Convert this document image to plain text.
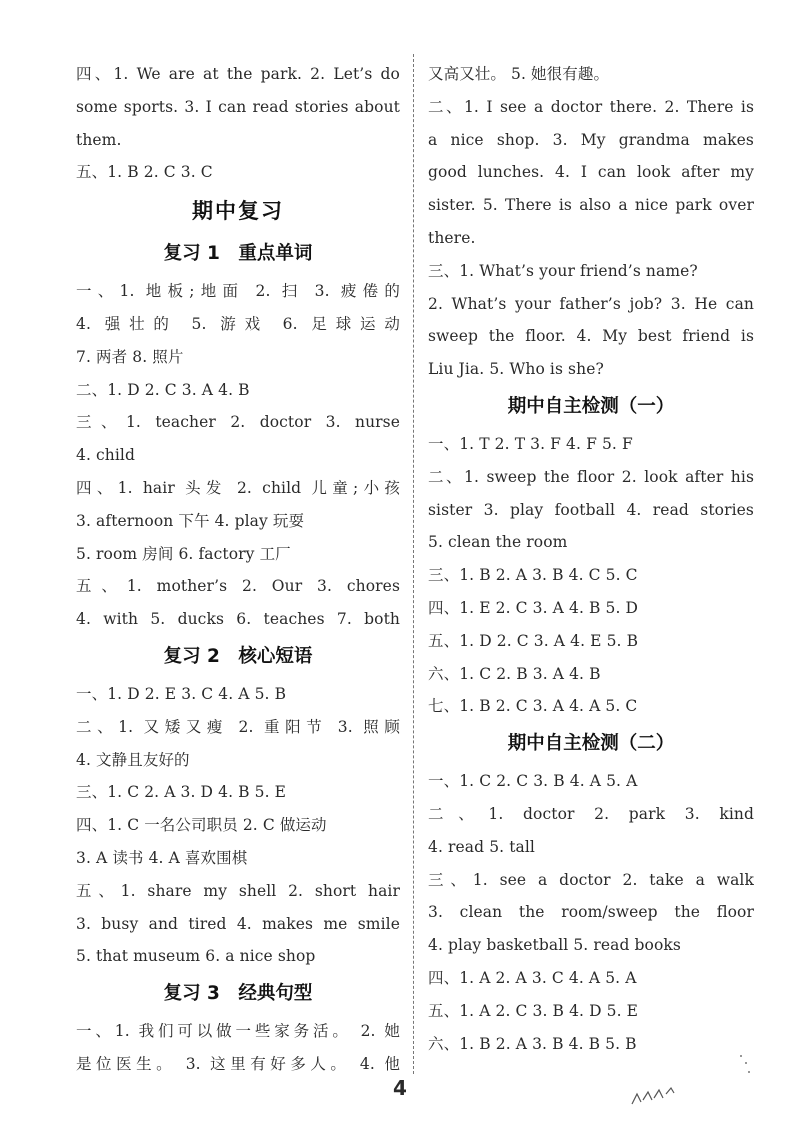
四、1. We are at the park. 2. Let’s do
some sports. 3. I can read stories about
them.
五、1. B 2. C 3. C
期中复习
复习 1　重点单词
一、1. 地板;地面 2. 扫 3. 疲倦的
4. 强壮的 5. 游戏 6. 足球运动
7. 两者 8. 照片
二、1. D 2. C 3. A 4. B
三、1. teacher 2. doctor 3. nurse
4. child
四、1. hair 头发 2. child 儿童;小孩
3. afternoon 下午 4. play 玩耍
5. room 房间 6. factory 工厂
五、1. mother’s 2. Our 3. chores
4. with 5. ducks 6. teaches 7. both
复习 2　核心短语
一、1. D 2. E 3. C 4. A 5. B
二、1. 又矮又瘦 2. 重阳节 3. 照顾
4. 文静且友好的
三、1. C 2. A 3. D 4. B 5. E
四、1. C 一名公司职员 2. C 做运动
3. A 读书 4. A 喜欢围棋
五、1. share my shell 2. short hair
3. busy and tired 4. makes me smile
5. that museum 6. a nice shop
复习 3　经典句型
一、1. 我们可以做一些家务活。 2. 她
是位医生。 3. 这里有好多人。 4. 他
又高又壮。 5. 她很有趣。
二、1. I see a doctor there. 2. There is
a nice shop. 3. My grandma makes
good lunches. 4. I can look after my
sister. 5. There is also a nice park over
there.
三、1. What’s your friend’s name?
2. What’s your father’s job? 3. He can
sweep the floor. 4. My best friend is
Liu Jia. 5. Who is she?
期中自主检测（一）
一、1. T 2. T 3. F 4. F 5. F
二、1. sweep the floor 2. look after his
sister 3. play football 4. read stories
5. clean the room
三、1. B 2. A 3. B 4. C 5. C
四、1. E 2. C 3. A 4. B 5. D
五、1. D 2. C 3. A 4. E 5. B
六、1. C 2. B 3. A 4. B
七、1. B 2. C 3. A 4. A 5. C
期中自主检测（二）
一、1. C 2. C 3. B 4. A 5. A
二、1. doctor 2. park 3. kind
4. read 5. tall
三、1. see a doctor 2. take a walk
3. clean the room/sweep the floor
4. play basketball 5. read books
四、1. A 2. A 3. C 4. A 5. A
五、1. A 2. C 3. B 4. D 5. E
六、1. B 2. A 3. B 4. B 5. B
4
